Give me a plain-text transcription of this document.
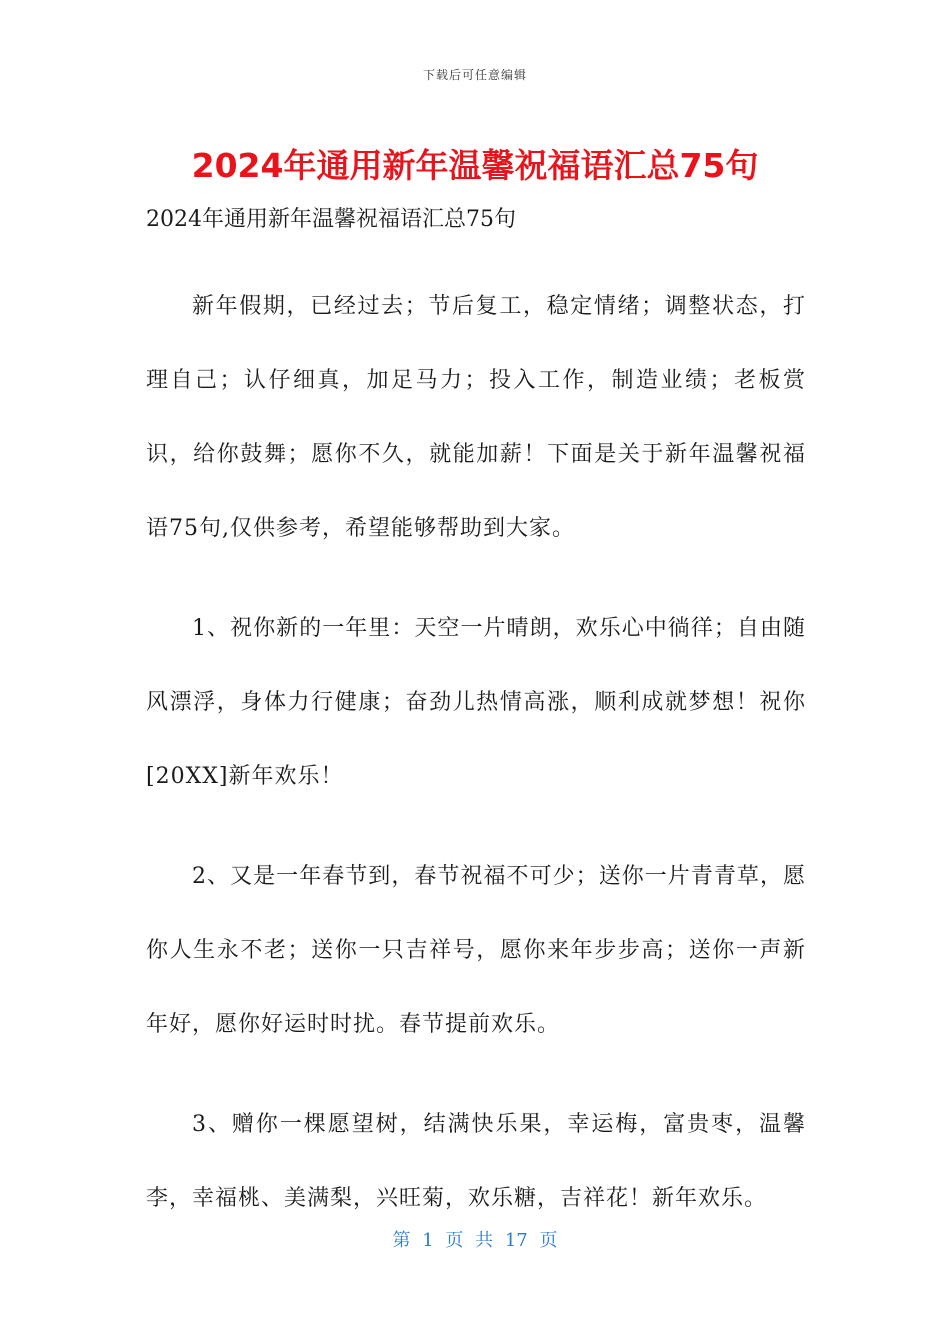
下载后可任意编辑
2024年通用新年温馨祝福语汇总75句

2024年通用新年温馨祝福语汇总75句

新年假期，已经过去；节后复工，稳定情绪；调整状态，打理自己；认仔细真，加足马力；投入工作，制造业绩；老板赏识，给你鼓舞；愿你不久，就能加薪！下面是关于新年温馨祝福语75句,仅供参考，希望能够帮助到大家。

1、祝你新的一年里：天空一片晴朗，欢乐心中徜徉；自由随风漂浮，身体力行健康；奋劲儿热情高涨，顺利成就梦想！祝你[20XX]新年欢乐！

2、又是一年春节到，春节祝福不可少；送你一片青青草，愿你人生永不老；送你一只吉祥号，愿你来年步步高；送你一声新年好，愿你好运时时扰。春节提前欢乐。

3、赠你一棵愿望树，结满快乐果，幸运梅，富贵枣，温馨李，幸福桃、美满梨，兴旺菊，欢乐糖，吉祥花！新年欢乐。

第 1 页 共 17 页
